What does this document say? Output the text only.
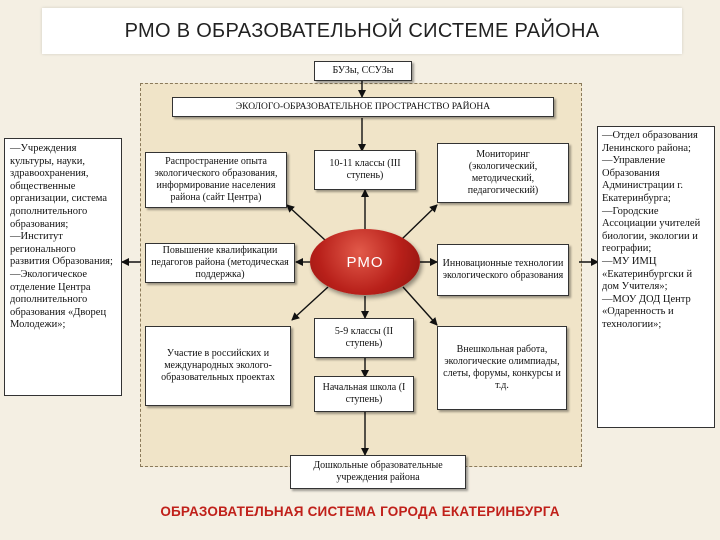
РМО В ОБРАЗОВАТЕЛЬНОЙ СИСТЕМЕ РАЙОНА
БУЗы, ССУЗы
ЭКОЛОГО-ОБРАЗОВАТЕЛЬНОЕ ПРОСТРАНСТВО РАЙОНА
Распространение опыта экологического образования, информирование населения района (сайт Центра)
10-11 классы (III ступень)
Мониторинг (экологический, методический, педагогический)
Повышение квалификации педагогов района (методическая поддержка)
Инновационные технологии экологического образования
Участие в российских и международных эколого-образовательных проектах
5-9 классы (II ступень)
Внешкольная работа, экологические олимпиады, слеты, форумы, конкурсы и т.д.
Начальная школа (I ступень)
Дошкольные образовательные учреждения района
РМО
—Учреждения культуры, науки, здравоохранения, общественные организации, система дополнительного образования;
—Институт регионального развития Образования;
—Экологическое отделение Центра дополнительного образования «Дворец Молодежи»;
—Отдел образования Ленинского района;
—Управление Образования Администрации г. Екатеринбурга;
—Городские Ассоциации учителей биологии, экологии и географии;
—МУ ИМЦ «Екатеринбургски й дом Учителя»;
—МОУ ДОД Центр «Одаренность и технологии»;
ОБРАЗОВАТЕЛЬНАЯ СИСТЕМА ГОРОДА ЕКАТЕРИНБУРГА
